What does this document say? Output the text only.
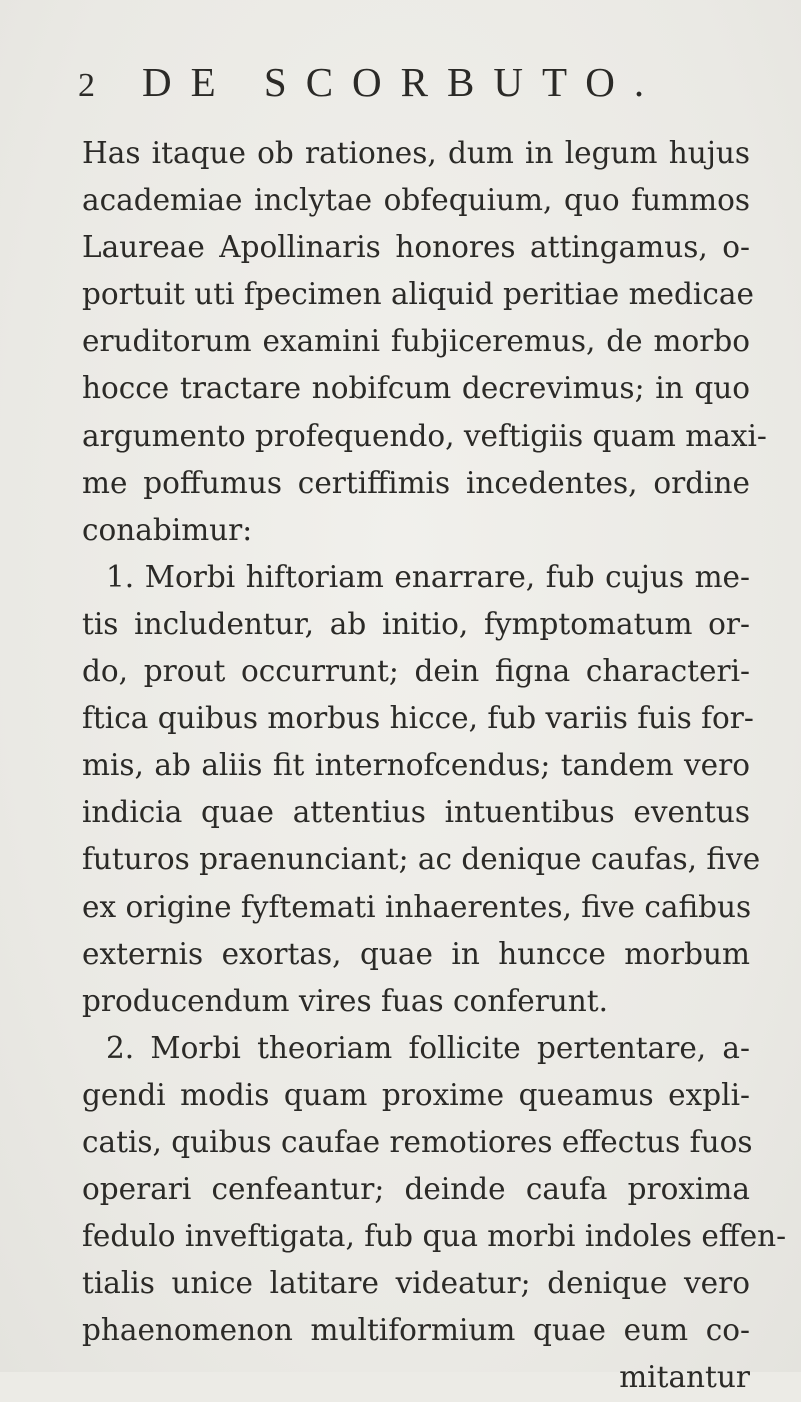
2	DE SCORBUTO.
Has itaque ob rationes, dum in legum hujus
academiae inclytae obfequium, quo fummos
Laureae Apollinaris honores attingamus, o-
portuit uti fpecimen aliquid peritiae medicae
eruditorum examini fubjiceremus, de morbo
hocce tractare nobifcum decrevimus; in quo
argumento profequendo, veftigiis quam maxi-
me poffumus certiffimis incedentes, ordine
conabimur:
1. Morbi hiftoriam enarrare, fub cujus me-
tis includentur, ab initio, fymptomatum or-
do, prout occurrunt; dein figna characteri-
ftica quibus morbus hicce, fub variis fuis for-
mis, ab aliis fit internofcendus; tandem vero
indicia quae attentius intuentibus eventus
futuros praenunciant; ac denique caufas, five
ex origine fyftemati inhaerentes, five cafibus
externis exortas, quae in huncce morbum
producendum vires fuas conferunt.
2. Morbi theoriam follicite pertentare, a-
gendi modis quam proxime queamus expli-
catis, quibus caufae remotiores effectus fuos
operari cenfeantur; deinde caufa proxima
fedulo inveftigata, fub qua morbi indoles effen-
tialis unice latitare videatur; denique vero
phaenomenon multiformium quae eum co-
mitantur
